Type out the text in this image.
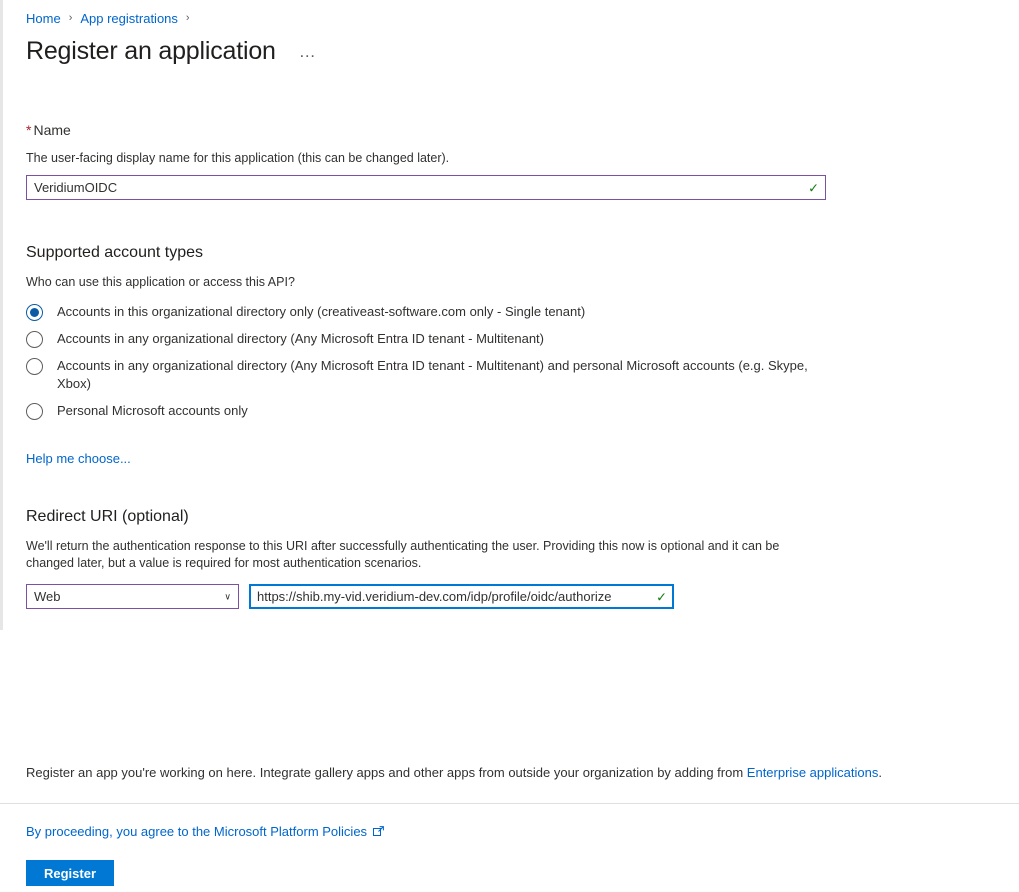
Home › App registrations ›
Register an application …
* Name
The user-facing display name for this application (this can be changed later).
VeridiumOIDC
✓
Supported account types
Who can use this application or access this API?
Accounts in this organizational directory only (creativeast-software.com only - Single tenant)
Accounts in any organizational directory (Any Microsoft Entra ID tenant - Multitenant)
Accounts in any organizational directory (Any Microsoft Entra ID tenant - Multitenant) and personal Microsoft accounts (e.g. Skype, Xbox)
Personal Microsoft accounts only
Help me choose...
Redirect URI (optional)
We'll return the authentication response to this URI after successfully authenticating the user. Providing this now is optional and it can be changed later, but a value is required for most authentication scenarios.
Web	∨
https://shib.my-vid.veridium-dev.com/idp/profile/oidc/authorize	✓
Register an app you're working on here. Integrate gallery apps and other apps from outside your organization by adding from Enterprise applications.
By proceeding, you agree to the Microsoft Platform Policies
Register
